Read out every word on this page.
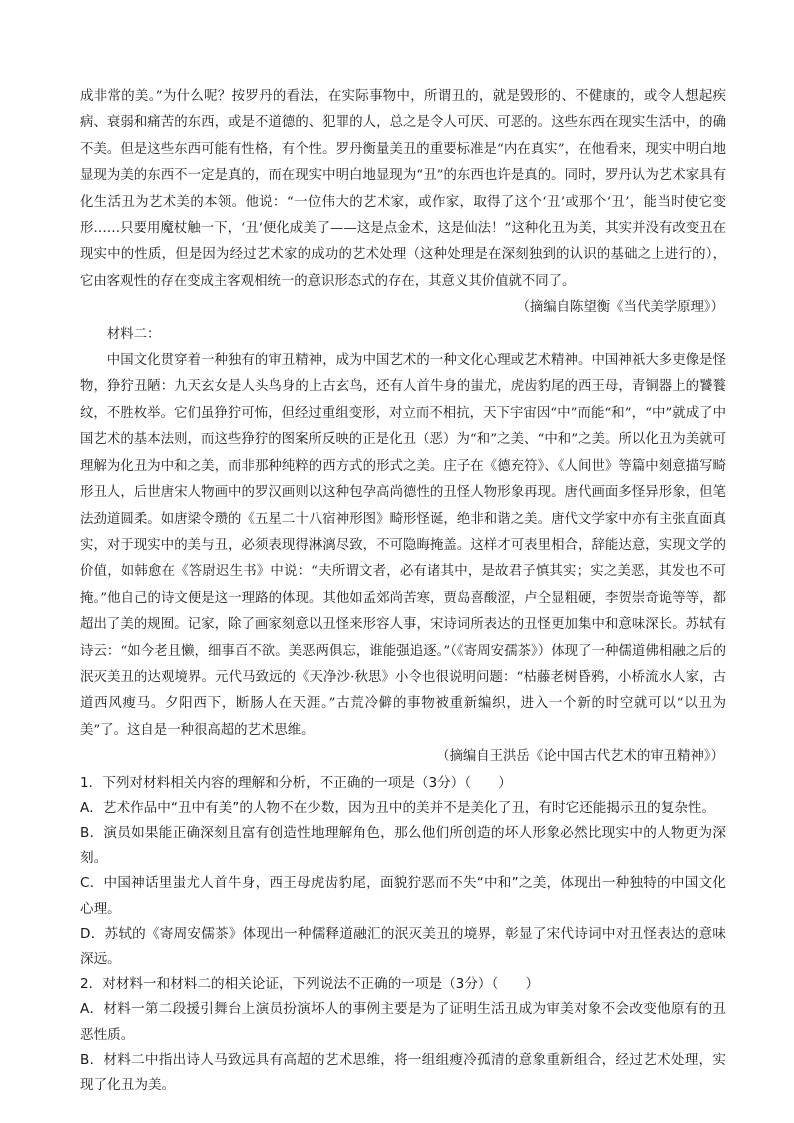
成非常的美。”为什么呢？按罗丹的看法，在实际事物中，所谓丑的，就是毁形的、不健康的，或令人想起疾病、衰弱和痛苦的东西，或是不道德的、犯罪的人，总之是令人可厌、可恶的。这些东西在现实生活中，的确不美。但是这些东西可能有性格，有个性。罗丹衡量美丑的重要标准是“内在真实”，在他看来，现实中明白地显现为美的东西不一定是真的，而在现实中明白地显现为“丑”的东西也许是真的。同时，罗丹认为艺术家具有化生活丑为艺术美的本领。他说：“一位伟大的艺术家，或作家，取得了这个‘丑’或那个‘丑’，能当时使它变形……只要用魔杖触一下，‘丑’便化成美了——这是点金术，这是仙法！”这种化丑为美，其实并没有改变丑在现实中的性质，但是因为经过艺术家的成功的艺术处理（这种处理是在深刻独到的认识的基础之上进行的），它由客观性的存在变成主客观相统一的意识形态式的存在，其意义其价值就不同了。

（摘编自陈望衡《当代美学原理》）

材料二：

中国文化贯穿着一种独有的审丑精神，成为中国艺术的一种文化心理或艺术精神。中国神祇大多吏像是怪物，狰狞丑陋：九天玄女是人头鸟身的上古玄鸟，还有人首牛身的蚩尤，虎齿豹尾的西王母，青铜器上的饕餮纹，不胜枚举。它们虽狰狞可怖，但经过重组变形，对立而不相抗，天下宇宙因“中”而能“和”，“中”就成了中国艺术的基本法则，而这些狰狞的图案所反映的正是化丑（恶）为“和”之美、“中和”之美。所以化丑为美就可理解为化丑为中和之美，而非那种纯粹的西方式的形式之美。庄子在《德充符》、《人间世》等篇中刻意描写畸形丑人，后世唐宋人物画中的罗汉画则以这种包孕高尚德性的丑怪人物形象再现。唐代画面多怪异形象，但笔法劲道圆柔。如唐梁令瓒的《五星二十八宿神形图》畸形怪诞，绝非和谐之美。唐代文学家中亦有主张直面真实，对于现实中的美与丑，必须表现得淋漓尽致，不可隐晦掩盖。这样才可表里相合，辞能达意，实现文学的价值，如韩愈在《答尉迟生书》中说：“夫所谓文者，必有诸其中，是故君子慎其实；实之美恶，其发也不可掩。”他自己的诗文便是这一理路的体现。其他如孟郊尚苦寒，贾岛喜酸涩，卢仝显粗硬，李贺崇奇诡等等，都超出了美的规囿。记家，除了画家刻意以丑怪来形容人事，宋诗词所表达的丑怪更加集中和意味深长。苏轼有诗云：“如今老且懒，细事百不欲。美恶两俱忘，谁能强追逐。”（《寄周安孺茶》）体现了一种儒道佛相融之后的泯灭美丑的达观境界。元代马致远的《天净沙·秋思》小令也很说明问题：“枯藤老树昏鸦，小桥流水人家，古道西风瘦马。夕阳西下，断肠人在天涯。”古荒冷僻的事物被重新编织，进入一个新的时空就可以“以丑为美”了。这自是一种很高超的艺术思维。

（摘编自王洪岳《论中国古代艺术的审丑精神》）

1．下列对材料相关内容的理解和分析，不正确的一项是（3分）（　　）

A．艺术作品中“丑中有美”的人物不在少数，因为丑中的美并不是美化了丑，有时它还能揭示丑的复杂性。

B．演员如果能正确深刻且富有创造性地理解角色，那么他们所创造的坏人形象必然比现实中的人物更为深刻。

C．中国神话里蚩尤人首牛身，西王母虎齿豹尾，面貌狞恶而不失“中和”之美，体现出一种独特的中国文化心理。

D．苏轼的《寄周安儒茶》体现出一种儒释道融汇的泯灭美丑的境界，彰显了宋代诗词中对丑怪表达的意味深远。

2．对材料一和材料二的相关论证，下列说法不正确的一项是（3分）（　　）

A．材料一第二段援引舞台上演员扮演坏人的事例主要是为了证明生活丑成为审美对象不会改变他原有的丑恶性质。

B．材料二中指出诗人马致远具有高超的艺术思维，将一组组瘦冷孤清的意象重新组合，经过艺术处理，实现了化丑为美。
